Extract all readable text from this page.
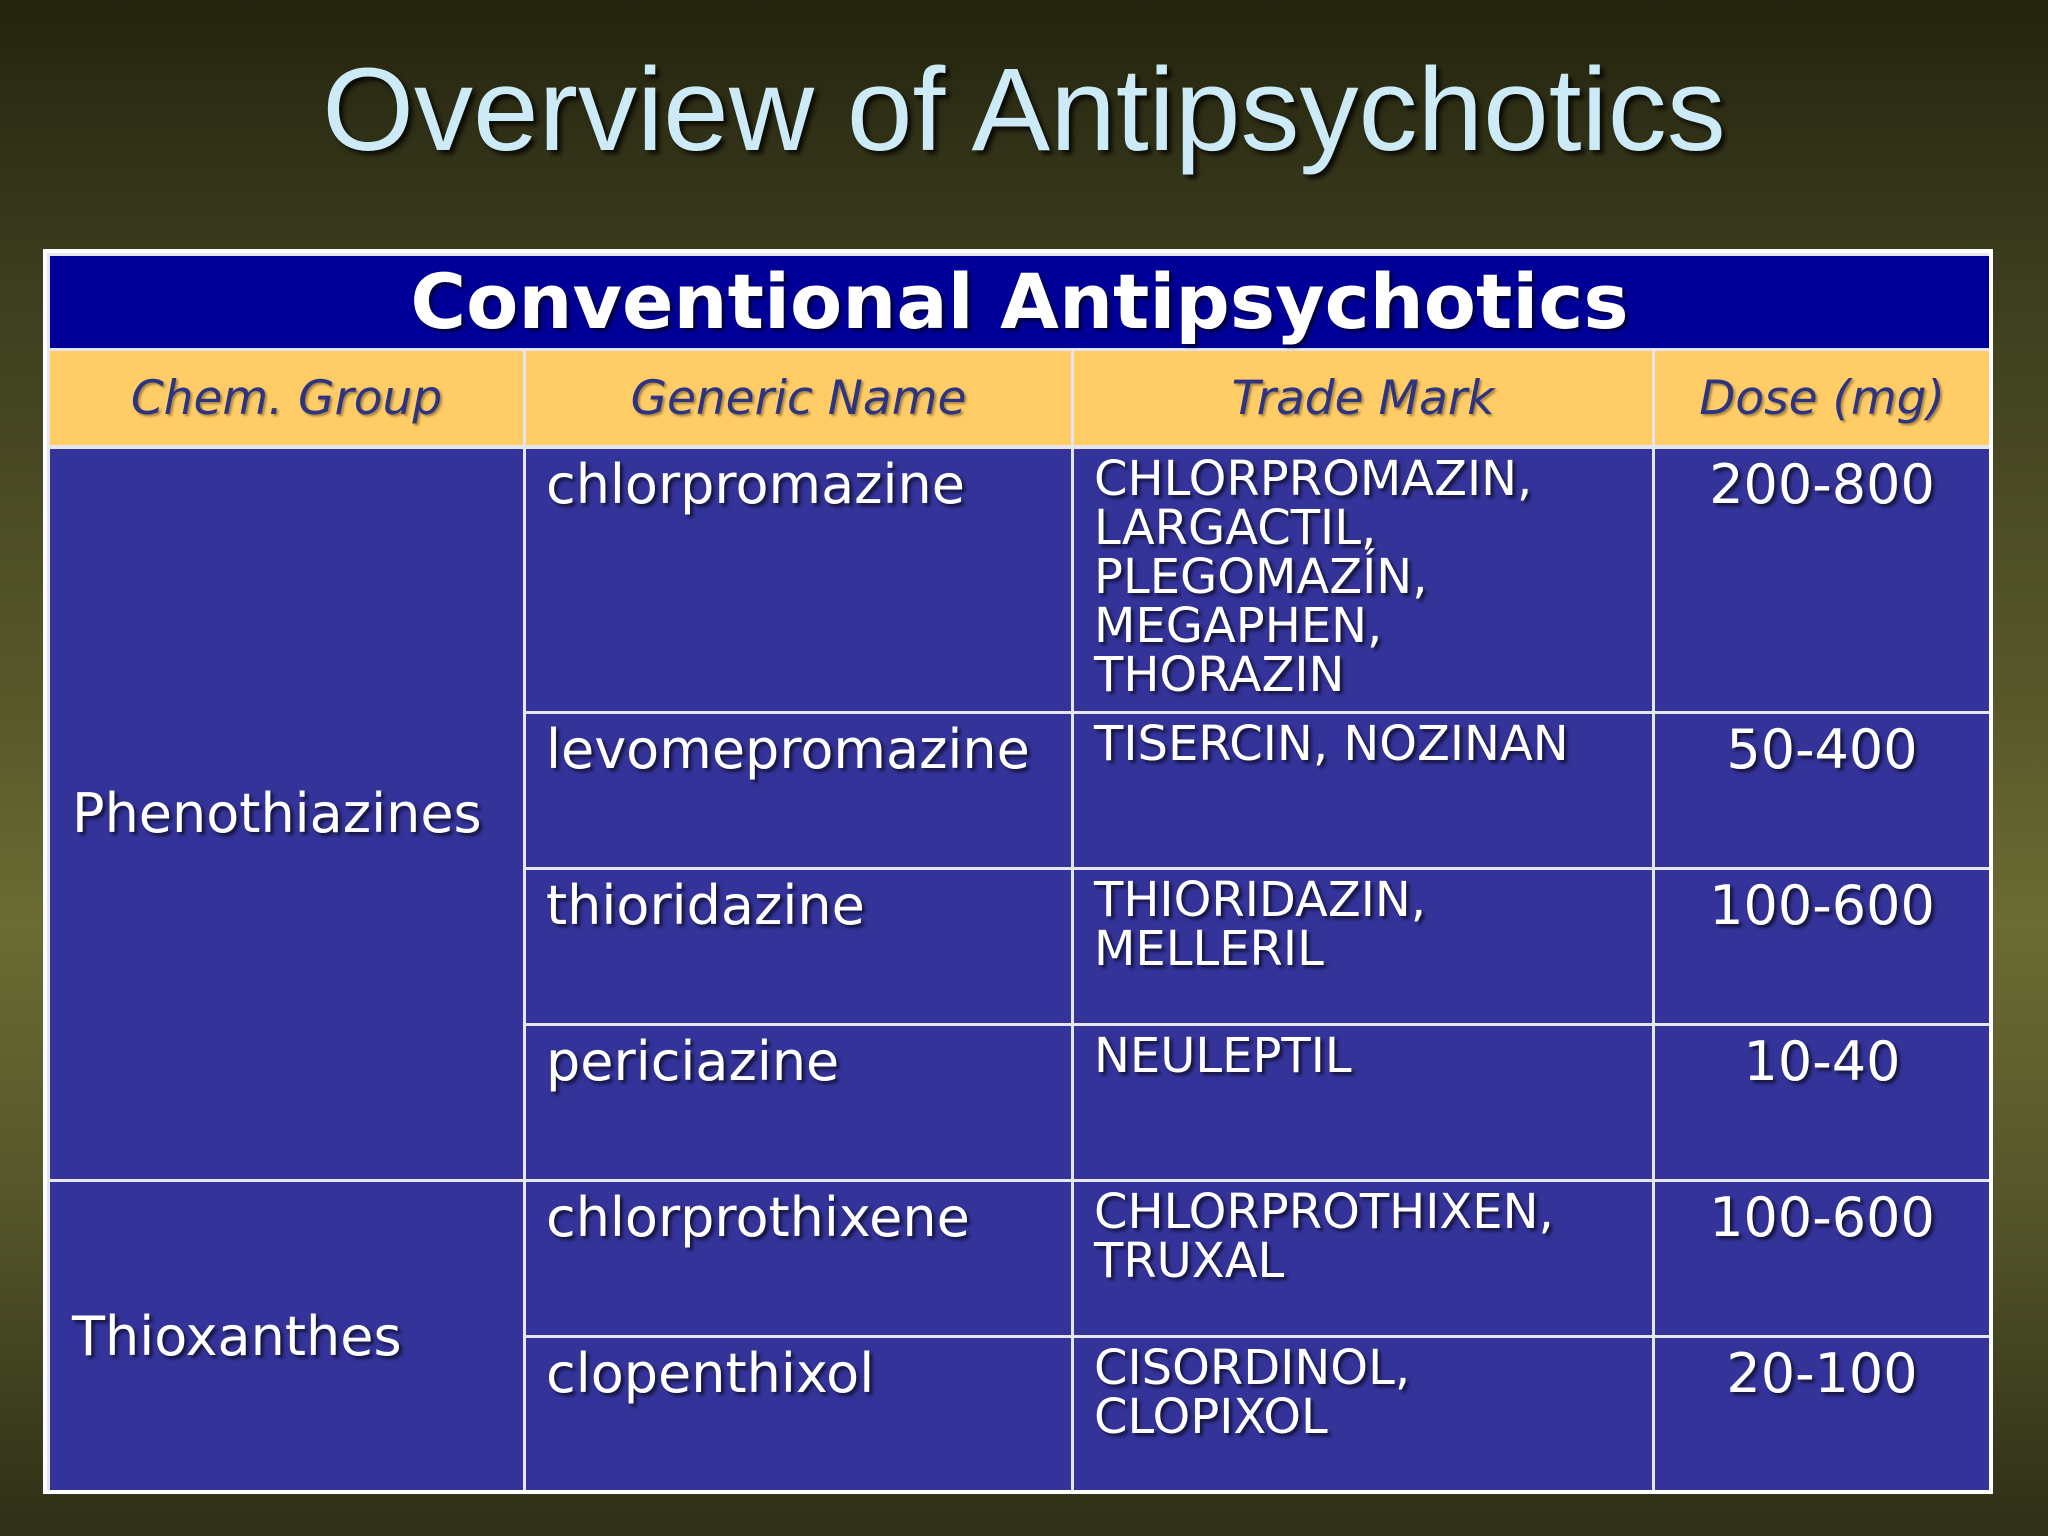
Overview of Antipsychotics
Conventional Antipsychotics			
Chem. Group	Generic Name	Trade Mark	Dose (mg)
Phenothiazines	chlorpromazine	CHLORPROMAZIN,
LARGACTIL,
PLEGOMAZÍN,
MEGAPHEN,
THORAZIN	200-800
	levomepromazine	TISERCIN, NOZINAN	50-400
	thioridazine	THIORIDAZIN,
MELLERIL	100-600
	periciazine	NEULEPTIL	10-40
Thioxanthes	chlorprothixene	CHLORPROTHIXEN,
TRUXAL	100-600
	clopenthixol	CISORDINOL,
CLOPIXOL	20-100
